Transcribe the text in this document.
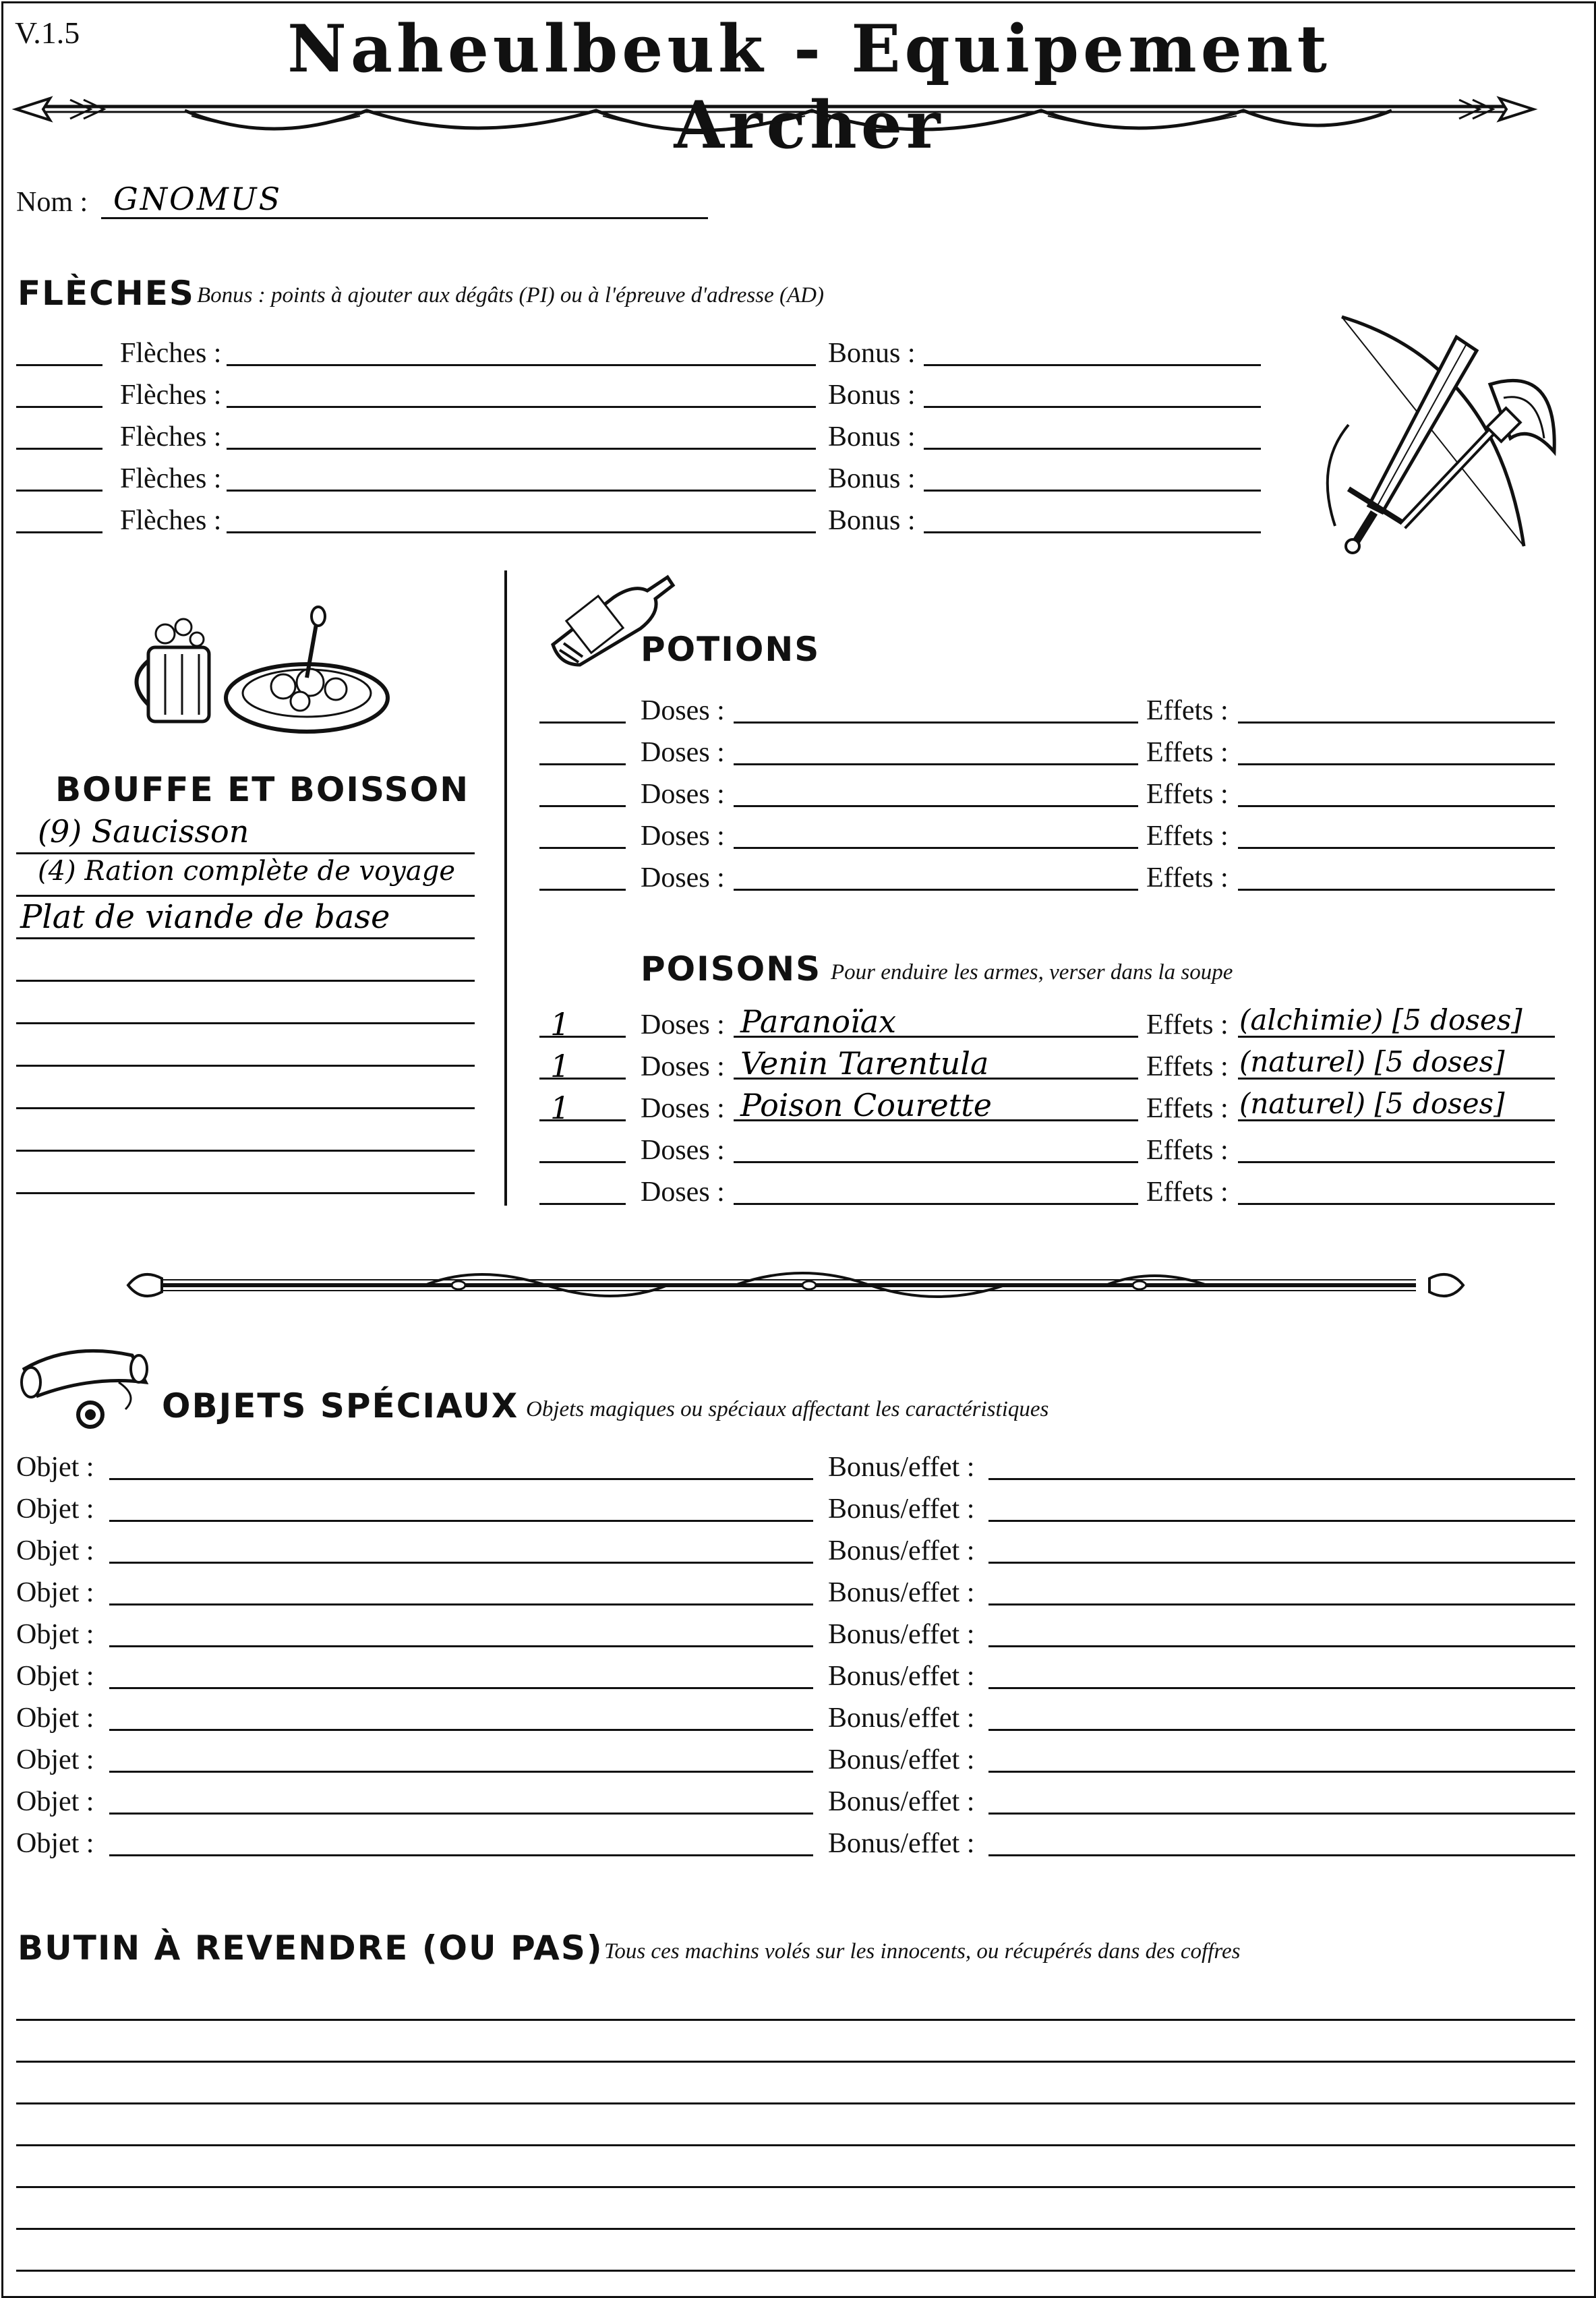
V.1.5	Naheulbeuk - Equipement Archer
Nom : GNOMUS
FLÈCHES Bonus : points à ajouter aux dégâts (PI) ou à l'épreuve d'adresse (AD)
Flèches :	Bonus :
Flèches :	Bonus :
Flèches :	Bonus :
Flèches :	Bonus :
Flèches :	Bonus :
BOUFFE ET BOISSON
(9) Saucisson
(4) Ration complète de voyage
Plat de viande de base
POTIONS
Doses :	Effets :
Doses :	Effets :
Doses :	Effets :
Doses :	Effets :
Doses :	Effets :
POISONS Pour enduire les armes, verser dans la soupe
1 Doses : Paranoïax	Effets : (alchimie) [5 doses]
1 Doses : Venin Tarentula	Effets : (naturel) [5 doses]
1 Doses : Poison Courette	Effets : (naturel) [5 doses]
Doses :	Effets :
Doses :	Effets :
OBJETS SPÉCIAUX Objets magiques ou spéciaux affectant les caractéristiques
Objet :	Bonus/effet :
Objet :	Bonus/effet :
Objet :	Bonus/effet :
Objet :	Bonus/effet :
Objet :	Bonus/effet :
Objet :	Bonus/effet :
Objet :	Bonus/effet :
Objet :	Bonus/effet :
Objet :	Bonus/effet :
Objet :	Bonus/effet :
BUTIN À REVENDRE (OU PAS) Tous ces machins volés sur les innocents, ou récupérés dans des coffres
